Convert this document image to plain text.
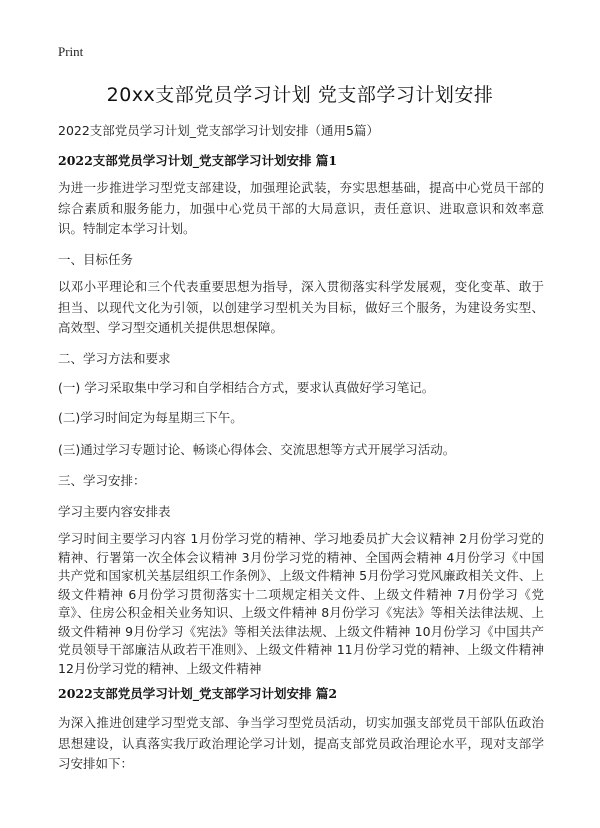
Print
20xx支部党员学习计划 党支部学习计划安排
2022支部党员学习计划_党支部学习计划安排（通用5篇）
2022支部党员学习计划_党支部学习计划安排 篇1

为进一步推进学习型党支部建设，加强理论武装，夯实思想基础，提高中心党员干部的综合素质和服务能力，加强中心党员干部的大局意识，责任意识、进取意识和效率意识。特制定本学习计划。

一、目标任务

以邓小平理论和三个代表重要思想为指导，深入贯彻落实科学发展观，变化变革、敢于担当、以现代文化为引领，以创建学习型机关为目标，做好三个服务，为建设务实型、高效型、学习型交通机关提供思想保障。

二、学习方法和要求
(一) 学习采取集中学习和自学相结合方式，要求认真做好学习笔记。
(二)学习时间定为每星期三下午。
(三)通过学习专题讨论、畅谈心得体会、交流思想等方式开展学习活动。
三、学习安排：
学习主要内容安排表

学习时间主要学习内容 1月份学习党的精神、学习地委员扩大会议精神 2月份学习党的精神、行署第一次全体会议精神 3月份学习党的精神、全国两会精神 4月份学习《中国共产党和国家机关基层组织工作条例》、上级文件精神 5月份学习党风廉政相关文件、上级文件精神 6月份学习贯彻落实十二项规定相关文件、上级文件精神 7月份学习《党章》、住房公积金相关业务知识、上级文件精神 8月份学习《宪法》等相关法律法规、上级文件精神 9月份学习《宪法》等相关法律法规、上级文件精神 10月份学习《中国共产党员领导干部廉洁从政若干准则》、上级文件精神 11月份学习党的精神、上级文件精神 12月份学习党的精神、上级文件精神

2022支部党员学习计划_党支部学习计划安排 篇2

为深入推进创建学习型党支部、争当学习型党员活动，切实加强支部党员干部队伍政治思想建设，认真落实我厅政治理论学习计划，提高支部党员政治理论水平，现对支部学习安排如下：
